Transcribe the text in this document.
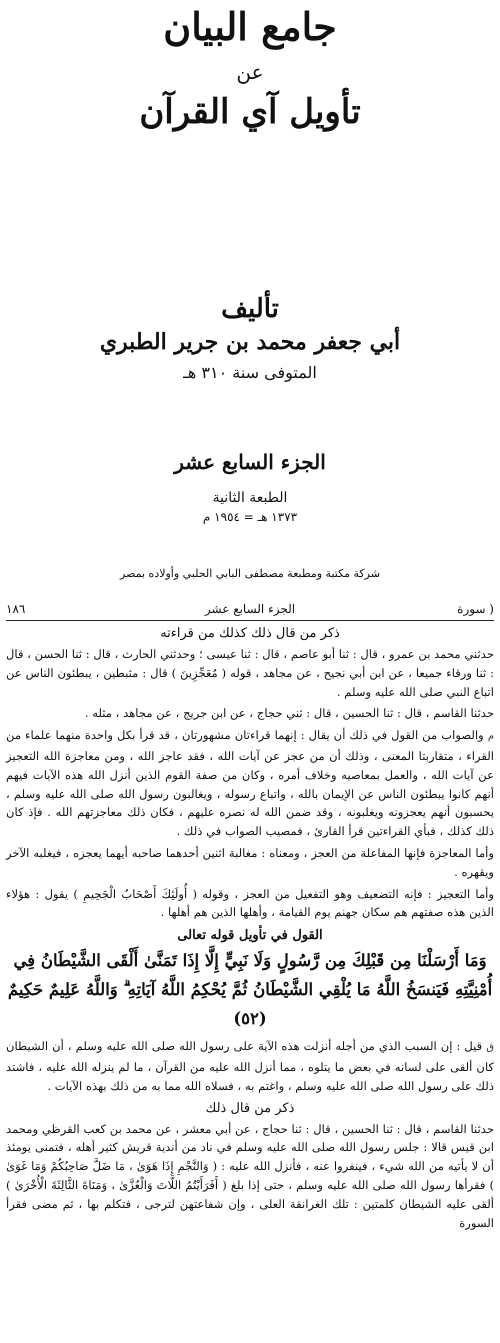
جامع البيان
عن
تأويل آي القرآن
تأليف
أبي جعفر محمد بن جرير الطبري
المتوفى سنة ٣١٠ هـ
الجزء السابع عشر
الطبعة الثانية
١٣٧٣ هـ = ١٩٥٤ م
شركة مكتبة ومطبعة مصطفى البابي الحلبي وأولاده بمصر
( سورة
الجزء السابع عشر
١٨٦
ذكر من قال ذلك كذلك من قراءته

حدثني محمد بن عمرو ، قال : ثنا أبو عاصم ، قال : ثنا عيسى ؛ وحدثني الحارث ، قال : ثنا الحسن ، قال : ثنا ورقاء جميعا ، عن ابن أبي نجيح ، عن مجاهد ، قوله ( مُعَجِّزِينَ ) قال : مثبطين ، يبطئون الناس عن اتباع النبي صلى الله عليه وسلم .

حدثنا القاسم ، قال : ثنا الحسين ، قال : ثني حجاج ، عن ابن جريج ، عن مجاهد ، مثله .

م والصواب من القول في ذلك أن يقال : إنهما قراءتان مشهورتان ، قد قرأ بكل واحدة منهما علماء من القراء ، متقاربتا المعنى ، وذلك أن من عجز عن آيات الله ، فقد عاجز الله ، ومن معاجزة الله التعجيز عن آيات الله ، والعمل بمعاصيه وخلاف أمره ، وكان من صفة القوم الذين أنزل الله هذه الآيات فيهم أنهم كانوا يبطئون الناس عن الإيمان بالله ، واتباع رسوله ، ويغالبون رسول الله صلى الله عليه وسلم ، يحسبون أنهم يعجزونه ويغلبونه ، وقد ضمن الله له نصره عليهم ، فكان ذلك معاجزتهم الله . فإذ كان ذلك كذلك ، فبأي القراءتين قرأ القارئ ، فمصيب الصواب في ذلك .

وأما المعاجزة فإنها المفاعلة من العجز ، ومعناه : مغالبة اثنين أحدهما صاحبه أيهما يعجزه ، فيغلبه الآخر ويقهره .

وأما التعجيز : فإنه التضعيف وهو التفعيل من العجز ، وقوله ( أُولَئِكَ أَصْحَابُ الْجَحِيمِ ) يقول : هؤلاء الذين هذه صفتهم هم سكان جهنم يوم القيامة ، وأهلها الذين هم أهلها .

القول في تأويل قوله تعالى
وَمَا أَرْسَلْنَا مِن قَبْلِكَ مِن رَّسُولٍ وَلَا نَبِيٍّ إِلَّا إِذَا تَمَنَّىٰ أَلْقَى الشَّيْطَانُ فِي أُمْنِيَّتِهِ فَيَنسَخُ اللَّهُ مَا يُلْقِي الشَّيْطَانُ ثُمَّ يُحْكِمُ اللَّهُ آيَاتِهِ ۗ وَاللَّهُ عَلِيمٌ حَكِيمٌ (٥٢)

ق قيل : إن السبب الذي من أجله أنزلت هذه الآية على رسول الله صلى الله عليه وسلم ، أن الشيطان كان ألقى على لسانه في بعض ما يتلوه ، مما أنزل الله عليه من القرآن ، ما لم ينزله الله عليه ، فاشتد ذلك على رسول الله صلى الله عليه وسلم ، واغتم به ، فسلاه الله مما به من ذلك بهذه الآيات .

ذكر من قال ذلك

حدثنا القاسم ، قال : ثنا الحسين ، قال : ثنا حجاج ، عن أبي معشر ، عن محمد بن كعب القرظي ومحمد ابن قيس قالا : جلس رسول الله صلى الله عليه وسلم في ناد من أندية قريش كثير أهله ، فتمنى يومئذ أن لا يأتيه من الله شيء ، فينفروا عنه ، فأنزل الله عليه : ( وَالنَّجْمِ إِذَا هَوَىٰ ، مَا ضَلَّ صَاحِبُكُمْ وَمَا غَوَىٰ ) فقرأها رسول الله صلى الله عليه وسلم ، حتى إذا بلغ ( أَفَرَأَيْتُمُ اللَّاتَ وَالْعُزَّىٰ ، وَمَنَاةَ الثَّالِثَةَ الْأُخْرَىٰ ) ألقى عليه الشيطان كلمتين : تلك الغرانقة العلى ، وإن شفاعتهن لترجى ، فتكلم بها ، ثم مضى فقرأ السورة
